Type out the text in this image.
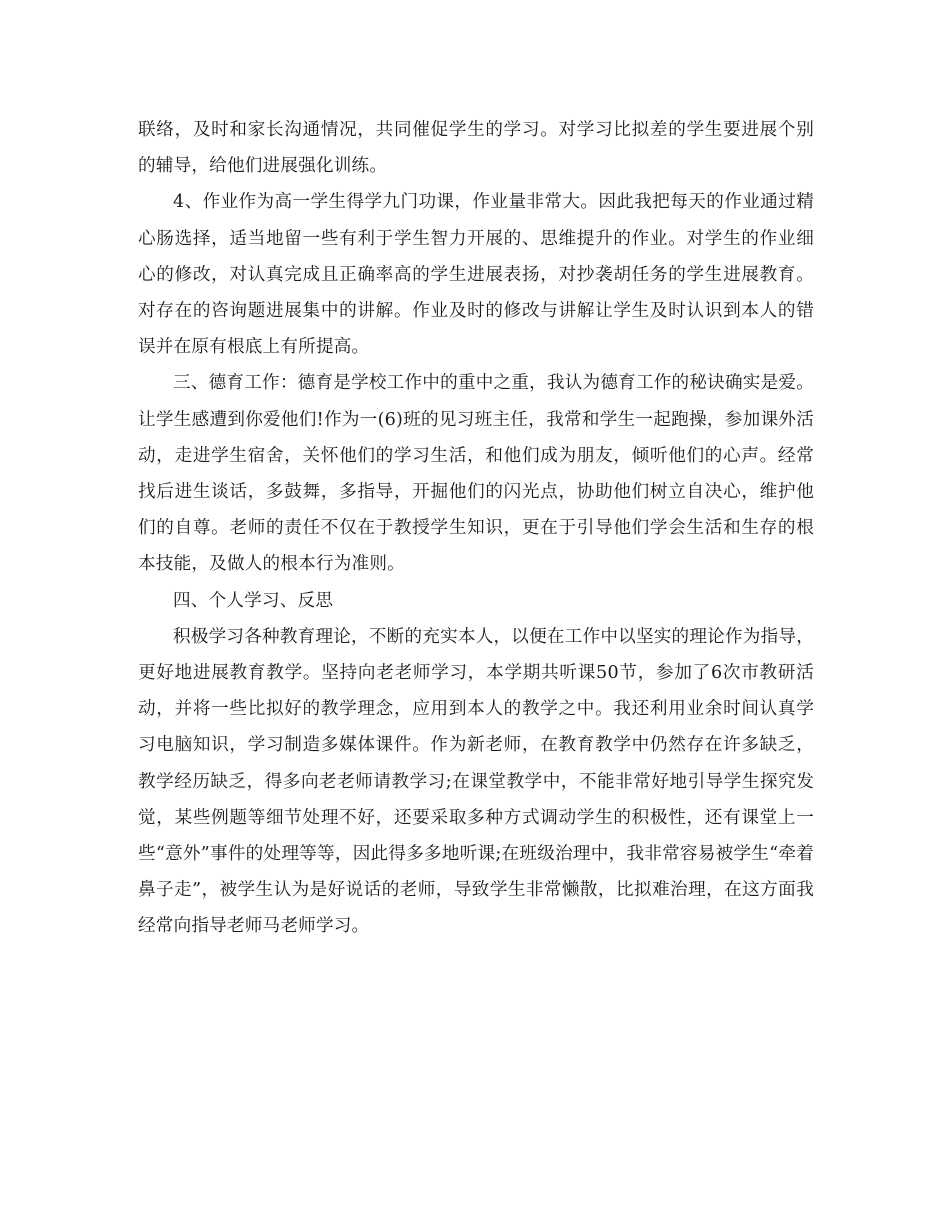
联络，及时和家长沟通情况，共同催促学生的学习。对学习比拟差的学生要进展个别的辅导，给他们进展强化训练。

4、作业作为高一学生得学九门功课，作业量非常大。因此我把每天的作业通过精心肠选择，适当地留一些有利于学生智力开展的、思维提升的作业。对学生的作业细心的修改，对认真完成且正确率高的学生进展表扬，对抄袭胡任务的学生进展教育。对存在的咨询题进展集中的讲解。作业及时的修改与讲解让学生及时认识到本人的错误并在原有根底上有所提高。

三、德育工作：德育是学校工作中的重中之重，我认为德育工作的秘诀确实是爱。让学生感遭到你爱他们!作为一(6)班的见习班主任，我常和学生一起跑操，参加课外活动，走进学生宿舍，关怀他们的学习生活，和他们成为朋友，倾听他们的心声。经常找后进生谈话，多鼓舞，多指导，开掘他们的闪光点，协助他们树立自决心，维护他们的自尊。老师的责任不仅在于教授学生知识，更在于引导他们学会生活和生存的根本技能，及做人的根本行为准则。

四、个人学习、反思

积极学习各种教育理论，不断的充实本人，以便在工作中以坚实的理论作为指导，更好地进展教育教学。坚持向老老师学习，本学期共听课50节，参加了6次市教研活动，并将一些比拟好的教学理念，应用到本人的教学之中。我还利用业余时间认真学习电脑知识，学习制造多媒体课件。作为新老师，在教育教学中仍然存在许多缺乏，教学经历缺乏，得多向老老师请教学习;在课堂教学中，不能非常好地引导学生探究发觉，某些例题等细节处理不好，还要采取多种方式调动学生的积极性，还有课堂上一些“意外”事件的处理等等，因此得多多地听课;在班级治理中，我非常容易被学生“牵着鼻子走”，被学生认为是好说话的老师，导致学生非常懒散，比拟难治理，在这方面我经常向指导老师马老师学习。
